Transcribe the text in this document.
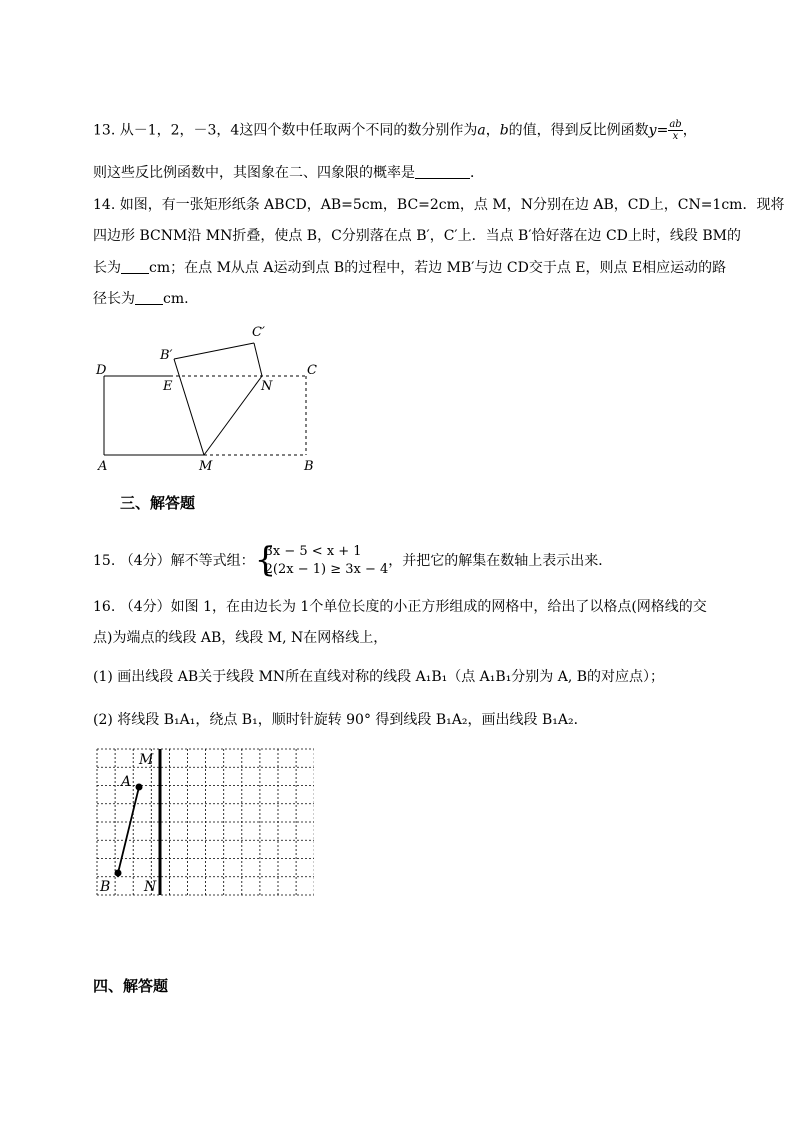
13. 从－1，2，－3，4这四个数中任取两个不同的数分别作为a，b的值，得到反比例函数$y= \frac{ab}{x}$ ，
则这些反比例函数中，其图象在二、四象限的概率是	．
14. 如图，有一张矩形纸条 ABCD，AB=5cm，BC=2cm，点 M，N分别在边 AB，CD上，CN=1cm．现将
四边形 BCNM沿 MN折叠，使点 B，C分别落在点 B′，C′上．当点 B′恰好落在边 CD上时，线段 BM的
长为 cm；在点 M从点 A运动到点 B的过程中，若边 MB′与边 CD交于点 E，则点 E相应运动的路
径长为 cm.
D	C
A	M	B
N
E
B′
C′
三、解答题
15. （4分）解不等式组： {
3x − 5 < x + 1
2(2x − 1) ≥ 3x − 4
，并把它的解集在数轴上表示出来．
16. （4分）如图 1，在由边长为 1个单位长度的小正方形组成的网格中，给出了以格点(网格线的交
点)为端点的线段 AB，线段 M, N在网格线上，
(1) 画出线段 AB关于线段 MN所在直线对称的线段 A₁B₁（点 A₁B₁分别为 A, B的对应点）；
(2) 将线段 B₁A₁，绕点 B₁，顺时针旋转 90° 得到线段 B₁A₂，画出线段 B₁A₂．
M
N
A
B
四、解答题
